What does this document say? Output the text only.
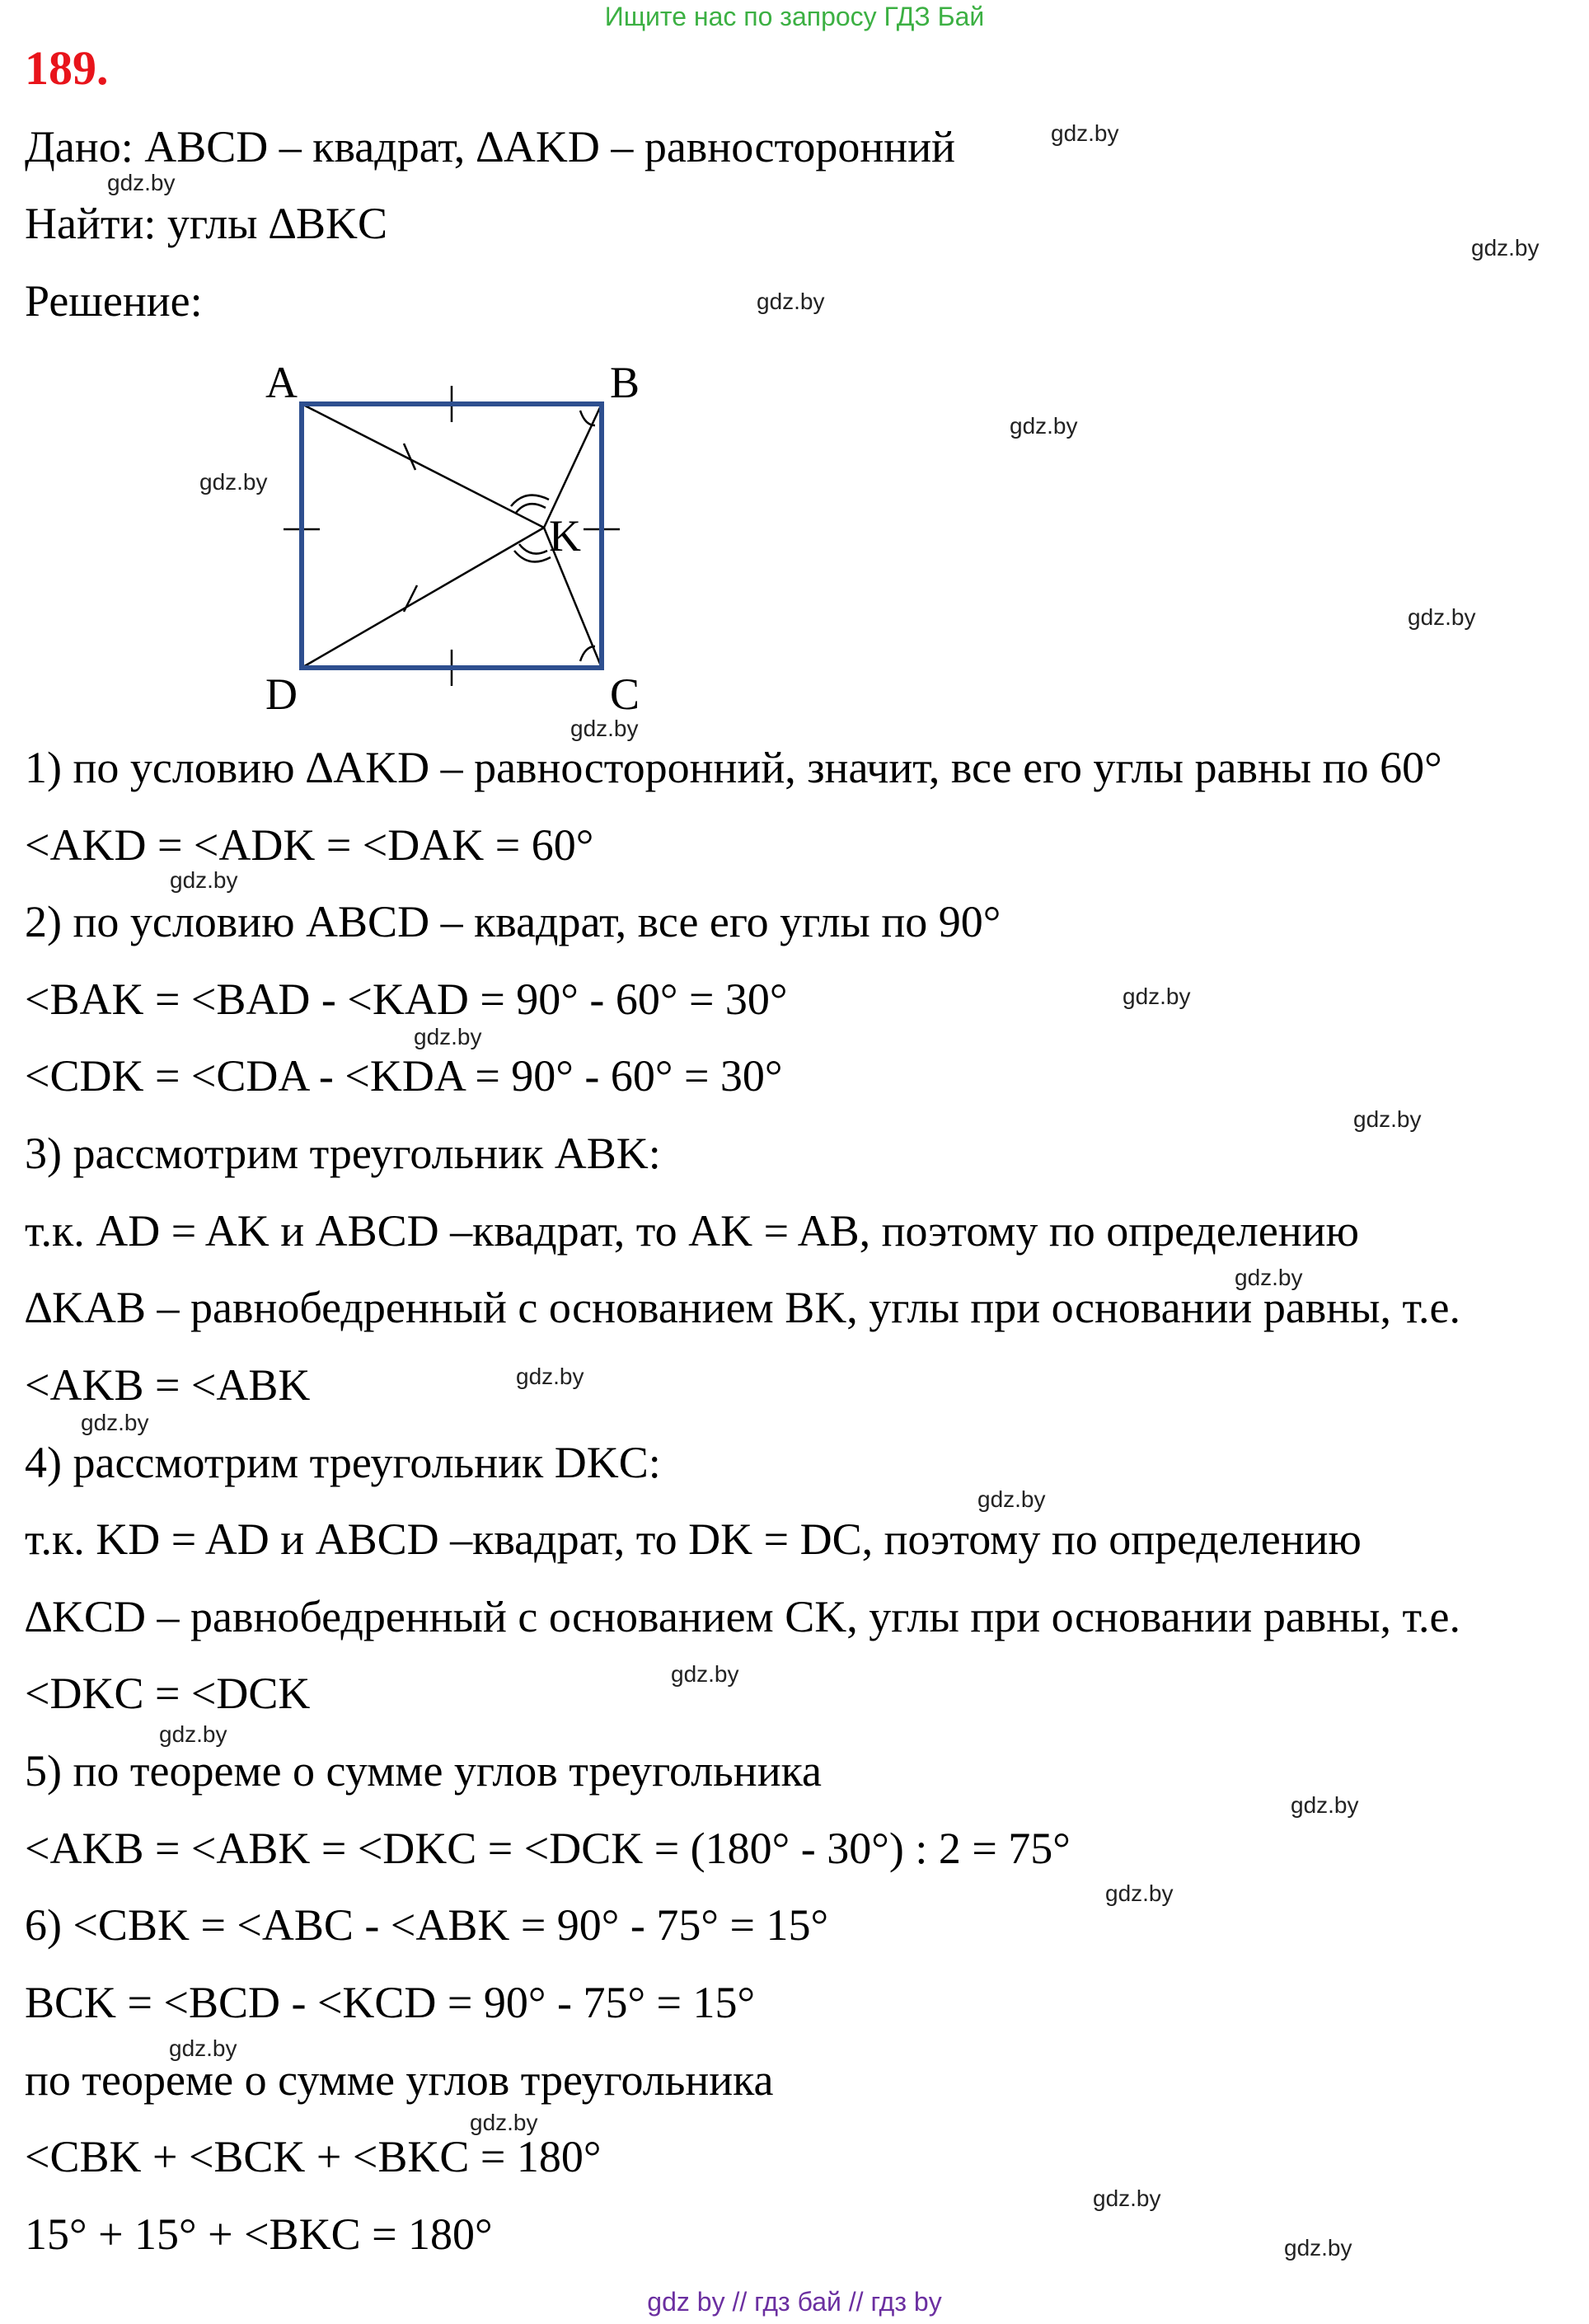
Ищите нас по запросу ГДЗ Бай
189.
Дано: ABCD – квадрат, ∆AKD – равносторонний
Найти: углы ∆BKC
Решение:
A	B
C
D
K
1) по условию ∆AKD – равносторонний, значит, все его углы равны по 60°
<AKD = <ADK = <DAK = 60°
2) по условию ABCD – квадрат, все его углы по 90°
<BAK = <BAD - <KAD = 90° - 60° = 30°
<CDK = <CDA - <KDA = 90° - 60° = 30°
3) рассмотрим треугольник ABK:
т.к. AD = AK и ABCD –квадрат, то AK = AB, поэтому по определению
∆KAB – равнобедренный с основанием BK, углы при основании равны, т.е.
<AKB = <ABK
4) рассмотрим треугольник DKC:
т.к. KD = AD и ABCD –квадрат, то DK = DC, поэтому по определению
∆KCD – равнобедренный с основанием CK, углы при основании равны, т.е.
<DKC = <DCK
5) по теореме о сумме углов треугольника
<AKB = <ABK = <DKC = <DCK = (180° - 30°) : 2 = 75°
6) <CBK = <ABC - <ABK = 90° - 75° = 15°
BCK = <BCD - <KCD = 90° - 75° = 15°
по теореме о сумме углов треугольника
<CBK + <BCK + <BKC = 180°
15° + 15° + <BKC = 180°
gdz.by
gdz.by
gdz.by
gdz.by
gdz.by
gdz.by
gdz.by
gdz.by
gdz.by
gdz.by
gdz.by
gdz.by
gdz.by
gdz.by
gdz.by
gdz.by
gdz.by
gdz.by
gdz.by
gdz.by
gdz.by
gdz.by
gdz.by
gdz.by
gdz by // гдз бай // гдз by
